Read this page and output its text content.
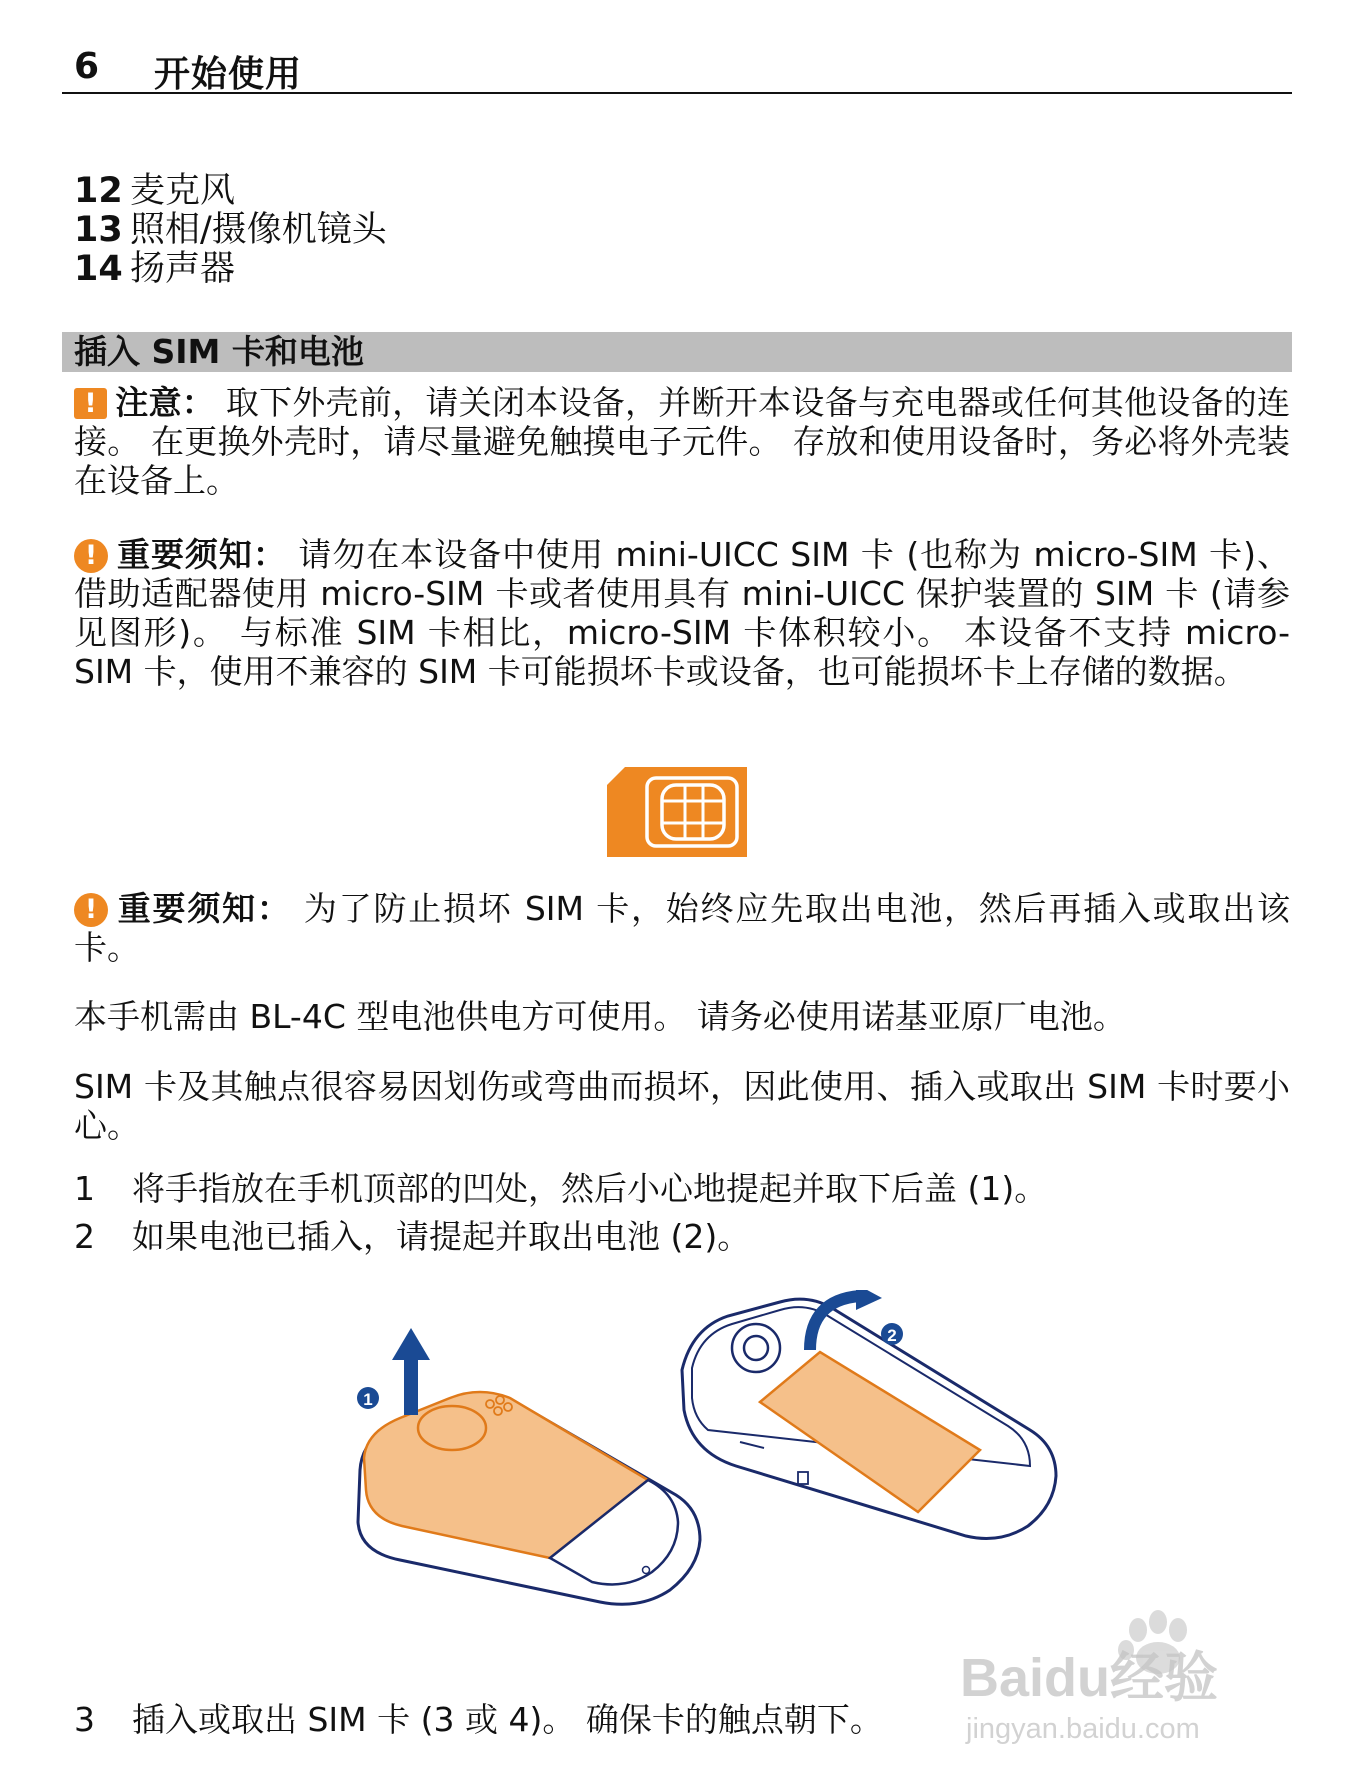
6 开始使用
12 麦克风
13 照相/摄像机镜头
14 扬声器
插入 SIM 卡和电池
! 注意： 取下外壳前，请关闭本设备，并断开本设备与充电器或任何其他设备的连接。 在更换外壳时，请尽量避免触摸电子元件。 存放和使用设备时，务必将外壳装在设备上。
! 重要须知： 请勿在本设备中使用 mini-UICC SIM 卡 (也称为 micro-SIM 卡)、借助适配器使用 micro-SIM 卡或者使用具有 mini-UICC 保护装置的 SIM 卡 (请参见图形)。 与标准 SIM 卡相比，micro-SIM 卡体积较小。 本设备不支持 micro-SIM 卡，使用不兼容的 SIM 卡可能损坏卡或设备，也可能损坏卡上存储的数据。
! 重要须知： 为了防止损坏 SIM 卡，始终应先取出电池，然后再插入或取出该卡。
本手机需由 BL-4C 型电池供电方可使用。 请务必使用诺基亚原厂电池。
SIM 卡及其触点很容易因划伤或弯曲而损坏，因此使用、插入或取出 SIM 卡时要小心。
1 将手指放在手机顶部的凹处，然后小心地提起并取下后盖 (1)。
2 如果电池已插入，请提起并取出电池 (2)。
1
2
3 插入或取出 SIM 卡 (3 或 4)。 确保卡的触点朝下。
Baidu经验
jingyan.baidu.com
